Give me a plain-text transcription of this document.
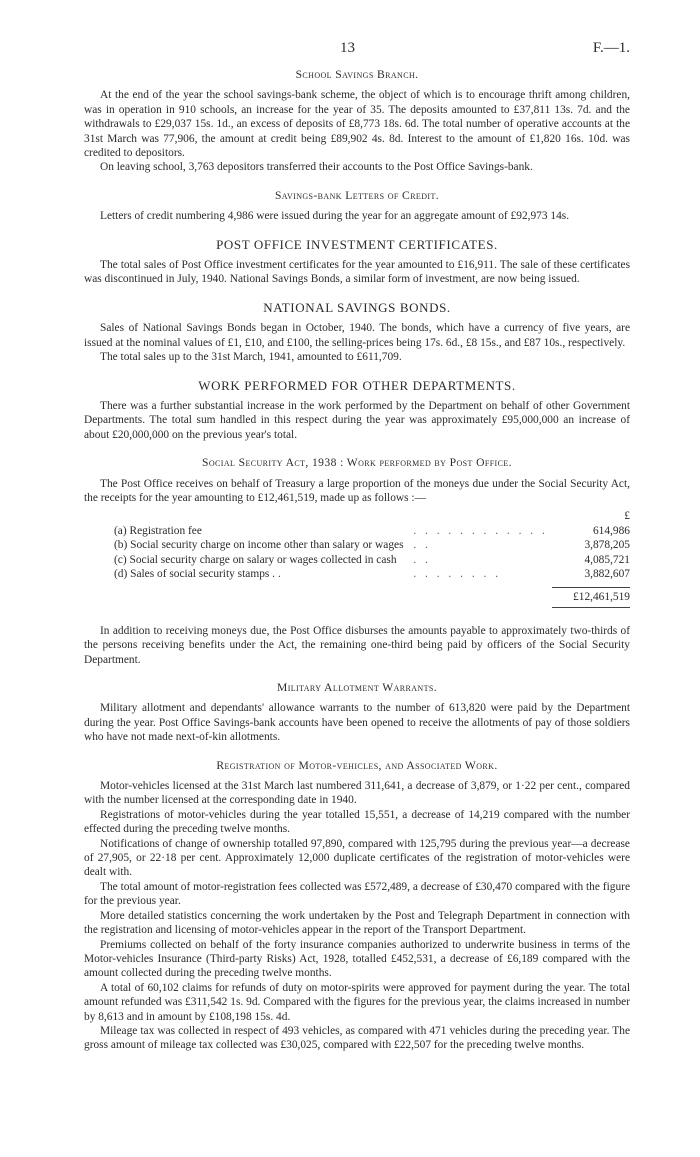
13	F.—1.
School Savings Branch.

At the end of the year the school savings-bank scheme, the object of which is to encourage thrift among children, was in operation in 910 schools, an increase for the year of 35. The deposits amounted to £37,811 13s. 7d. and the withdrawals to £29,037 15s. 1d., an excess of deposits of £8,773 18s. 6d. The total number of operative accounts at the 31st March was 77,906, the amount at credit being £89,902 4s. 8d. Interest to the amount of £1,820 16s. 10d. was credited to depositors.

On leaving school, 3,763 depositors transferred their accounts to the Post Office Savings-bank.

Savings-bank Letters of Credit.

Letters of credit numbering 4,986 were issued during the year for an aggregate amount of £92,973 14s.

POST OFFICE INVESTMENT CERTIFICATES.

The total sales of Post Office investment certificates for the year amounted to £16,911. The sale of these certificates was discontinued in July, 1940. National Savings Bonds, a similar form of investment, are now being issued.

NATIONAL SAVINGS BONDS.

Sales of National Savings Bonds began in October, 1940. The bonds, which have a currency of five years, are issued at the nominal values of £1, £10, and £100, the selling-prices being 17s. 6d., £8 15s., and £87 10s., respectively.

The total sales up to the 31st March, 1941, amounted to £611,709.

WORK PERFORMED FOR OTHER DEPARTMENTS.

There was a further substantial increase in the work performed by the Department on behalf of other Government Departments. The total sum handled in this respect during the year was approximately £95,000,000 an increase of about £20,000,000 on the previous year's total.

Social Security Act, 1938 : Work performed by Post Office.

The Post Office receives on behalf of Treasury a large proportion of the moneys due under the Social Security Act, the receipts for the year amounting to £12,461,519, made up as follows :—

		£
(a) Registration fee	. . . . . . . . . . . .	614,986
(b) Social security charge on income other than salary or wages	. .	3,878,205
(c) Social security charge on salary or wages collected in cash	. .	4,085,721
(d) Sales of social security stamps . .	. . . . . . . .	3,882,607

		£12,461,519

In addition to receiving moneys due, the Post Office disburses the amounts payable to approximately two-thirds of the persons receiving benefits under the Act, the remaining one-third being paid by officers of the Social Security Department.

Military Allotment Warrants.

Military allotment and dependants' allowance warrants to the number of 613,820 were paid by the Department during the year. Post Office Savings-bank accounts have been opened to receive the allotments of pay of those soldiers who have not made next-of-kin allotments.

Registration of Motor-vehicles, and Associated Work.

Motor-vehicles licensed at the 31st March last numbered 311,641, a decrease of 3,879, or 1·22 per cent., compared with the number licensed at the corresponding date in 1940.

Registrations of motor-vehicles during the year totalled 15,551, a decrease of 14,219 compared with the number effected during the preceding twelve months.

Notifications of change of ownership totalled 97,890, compared with 125,795 during the previous year—a decrease of 27,905, or 22·18 per cent. Approximately 12,000 duplicate certificates of the registration of motor-vehicles were dealt with.

The total amount of motor-registration fees collected was £572,489, a decrease of £30,470 compared with the figure for the previous year.

More detailed statistics concerning the work undertaken by the Post and Telegraph Department in connection with the registration and licensing of motor-vehicles appear in the report of the Transport Department.

Premiums collected on behalf of the forty insurance companies authorized to underwrite business in terms of the Motor-vehicles Insurance (Third-party Risks) Act, 1928, totalled £452,531, a decrease of £6,189 compared with the amount collected during the preceding twelve months.

A total of 60,102 claims for refunds of duty on motor-spirits were approved for payment during the year. The total amount refunded was £311,542 1s. 9d. Compared with the figures for the previous year, the claims increased in number by 8,613 and in amount by £108,198 15s. 4d.

Mileage tax was collected in respect of 493 vehicles, as compared with 471 vehicles during the preceding year. The gross amount of mileage tax collected was £30,025, compared with £22,507 for the preceding twelve months.
